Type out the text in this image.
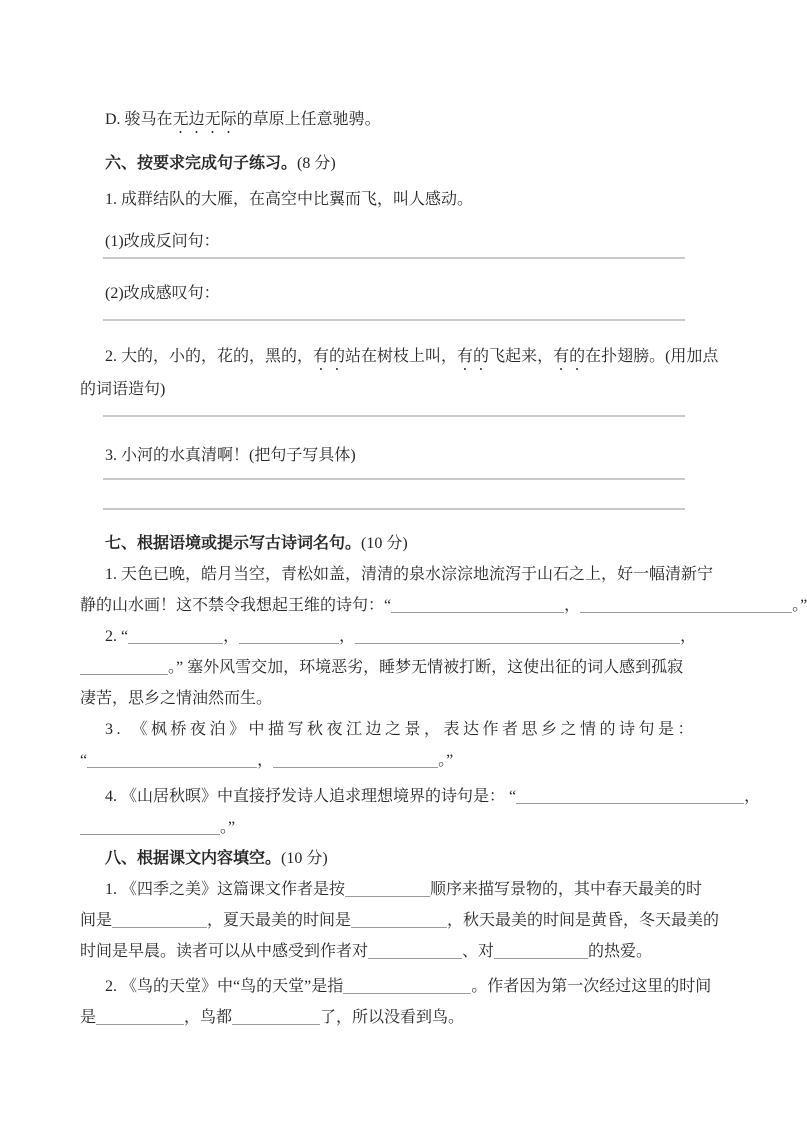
D. 骏马在无边无际的草原上任意驰骋。
六、按要求完成句子练习。(8 分)
1. 成群结队的大雁，在高空中比翼而飞，叫人感动。
(1)改成反问句：
(2)改成感叹句：
2. 大的，小的，花的，黑的，有的站在树枝上叫，有的飞起来，有的在扑翅膀。(用加点
的词语造句)
3. 小河的水真清啊！(把句子写具体)
七、根据语境或提示写古诗词名句。(10 分)
1. 天色已晚，皓月当空，青松如盖，清清的泉水淙淙地流泻于山石之上，好一幅清新宁
静的山水画！这不禁令我想起王维的诗句：“	，	。”
2. “	，	，	，
。” 塞外风雪交加，环境恶劣，睡梦无情被打断，这使出征的词人感到孤寂
凄苦，思乡之情油然而生。
3. 《枫桥夜泊》中描写秋夜江边之景，表达作者思乡之情的诗句是：
“	，	。”
4. 《山居秋暝》中直接抒发诗人追求理想境界的诗句是： “	，
。”
八、根据课文内容填空。(10 分)
1. 《四季之美》这篇课文作者是按	顺序来描写景物的，其中春天最美的时
间是	，夏天最美的时间是	，秋天最美的时间是黄昏，冬天最美的
时间是早晨。读者可以从中感受到作者对	、对	的热爱。
2. 《鸟的天堂》中“鸟的天堂”是指	。作者因为第一次经过这里的时间
是	，鸟都	了，所以没看到鸟。
